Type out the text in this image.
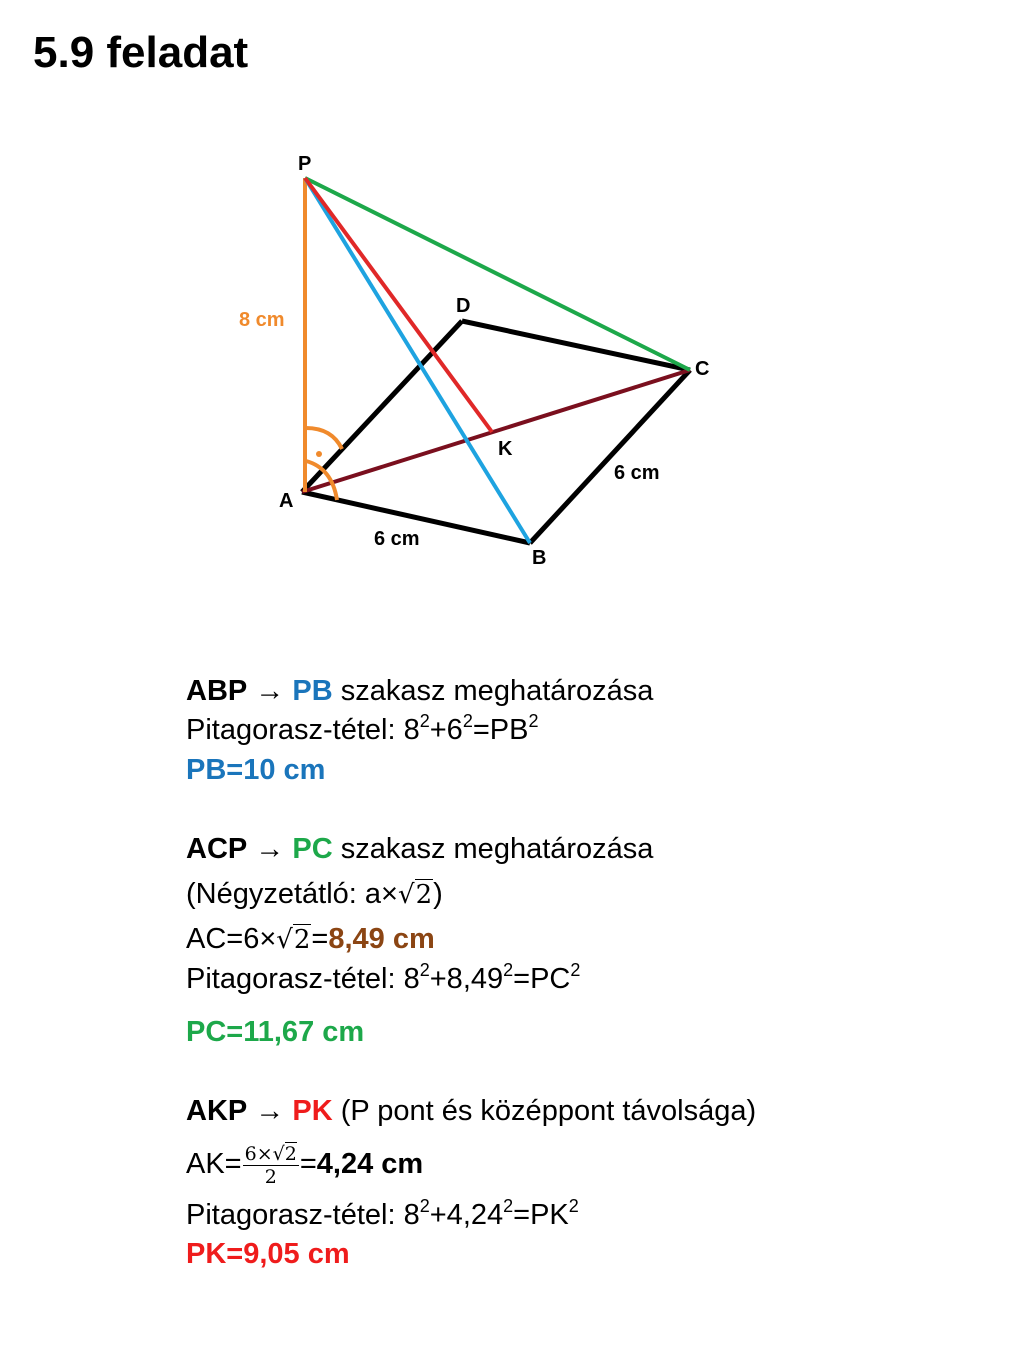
5.9 feladat
P
D
C
K
A
B
8 cm
6 cm
6 cm
ABP → PB szakasz meghatározása
Pitagorasz-tétel: $8^2+6^2=PB^2$
PB=10 cm
ACP → PC szakasz meghatározása
(Négyzetátló: a×√2)
AC=6×√2=8,49 cm
Pitagorasz-tétel: $8^2+8,49^2=PC^2$
PC=11,67 cm
AKP → PK (P pont és középpont távolsága)
$AK= \frac{6\times√2}{2} =4,24$ cm
Pitagorasz-tétel: $8^2+4,24^2=PK^2$
PK=9,05 cm
